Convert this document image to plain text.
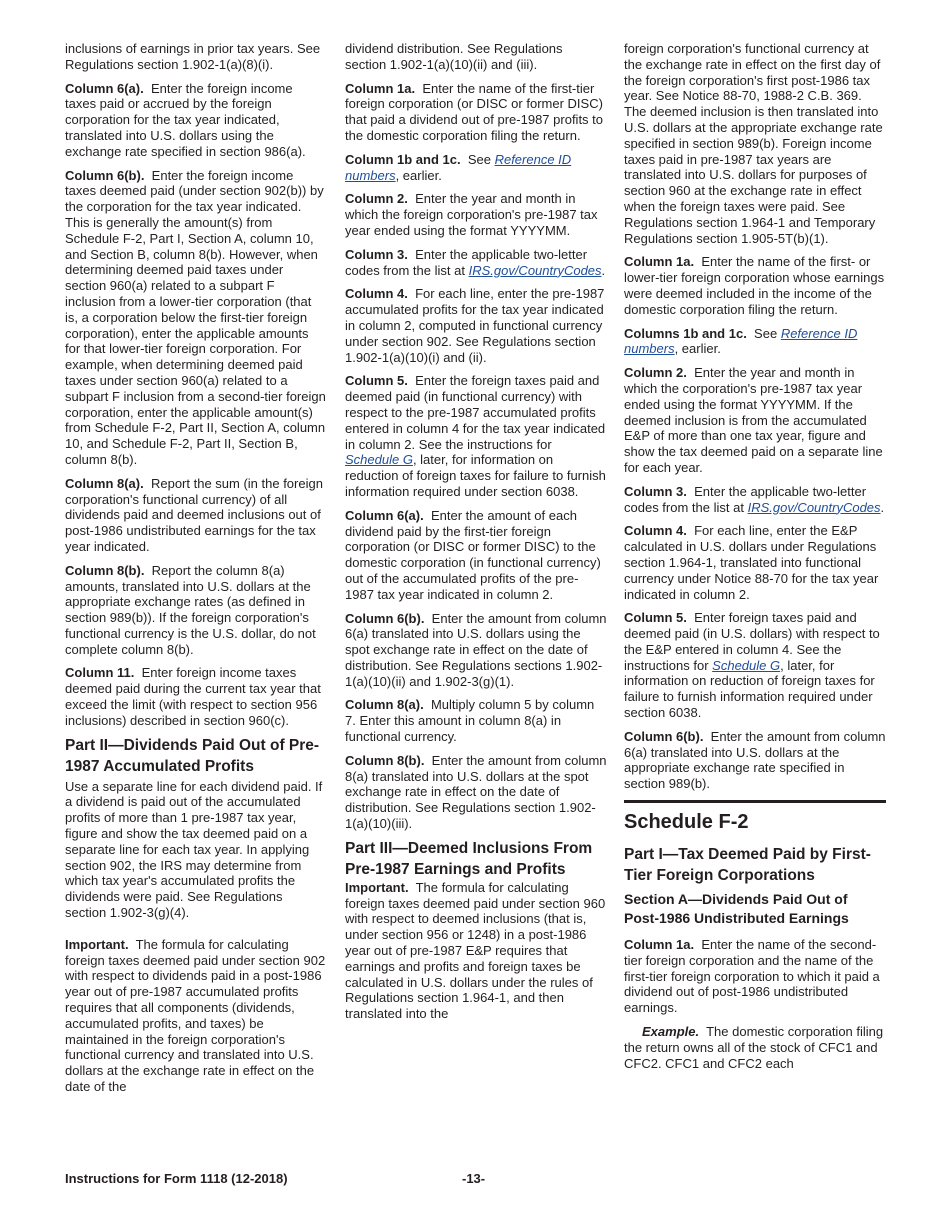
inclusions of earnings in prior tax years. See Regulations section 1.902-1(a)(8)(i).

Column 6(a). Enter the foreign income taxes paid or accrued by the foreign corporation for the tax year indicated, translated into U.S. dollars using the exchange rate specified in section 986(a).

Column 6(b). Enter the foreign income taxes deemed paid (under section 902(b)) by the corporation for the tax year indicated. This is generally the amount(s) from Schedule F-2, Part I, Section A, column 10, and Section B, column 8(b). However, when determining deemed paid taxes under section 960(a) related to a subpart F inclusion from a lower-tier corporation (that is, a corporation below the first-tier foreign corporation), enter the applicable amounts for that lower-tier foreign corporation. For example, when determining deemed paid taxes under section 960(a) related to a subpart F inclusion from a second-tier foreign corporation, enter the applicable amount(s) from Schedule F-2, Part II, Section A, column 10, and Schedule F-2, Part II, Section B, column 8(b).

Column 8(a). Report the sum (in the foreign corporation's functional currency) of all dividends paid and deemed inclusions out of post-1986 undistributed earnings for the tax year indicated.

Column 8(b). Report the column 8(a) amounts, translated into U.S. dollars at the appropriate exchange rates (as defined in section 989(b)). If the foreign corporation's functional currency is the U.S. dollar, do not complete column 8(b).

Column 11. Enter foreign income taxes deemed paid during the current tax year that exceed the limit (with respect to section 956 inclusions) described in section 960(c).

Part II—Dividends Paid Out of Pre-1987 Accumulated Profits

Use a separate line for each dividend paid. If a dividend is paid out of the accumulated profits of more than 1 pre-1987 tax year, figure and show the tax deemed paid on a separate line for each tax year. In applying section 902, the IRS may determine from which tax year's accumulated profits the dividends were paid. See Regulations section 1.902-3(g)(4).

Important. The formula for calculating foreign taxes deemed paid under section 902 with respect to dividends paid in a post-1986 year out of pre-1987 accumulated profits requires that all components (dividends, accumulated profits, and taxes) be maintained in the foreign corporation's functional currency and translated into U.S. dollars at the exchange rate in effect on the date of the

dividend distribution. See Regulations section 1.902-1(a)(10)(ii) and (iii).

Column 1a. Enter the name of the first-tier foreign corporation (or DISC or former DISC) that paid a dividend out of pre-1987 profits to the domestic corporation filing the return.

Column 1b and 1c. See Reference ID numbers, earlier.

Column 2. Enter the year and month in which the foreign corporation's pre-1987 tax year ended using the format YYYYMM.

Column 3. Enter the applicable two-letter codes from the list at IRS.gov/CountryCodes.

Column 4. For each line, enter the pre-1987 accumulated profits for the tax year indicated in column 2, computed in functional currency under section 902. See Regulations section 1.902-1(a)(10)(i) and (ii).

Column 5. Enter the foreign taxes paid and deemed paid (in functional currency) with respect to the pre-1987 accumulated profits entered in column 4 for the tax year indicated in column 2. See the instructions for Schedule G, later, for information on reduction of foreign taxes for failure to furnish information required under section 6038.

Column 6(a). Enter the amount of each dividend paid by the first-tier foreign corporation (or DISC or former DISC) to the domestic corporation (in functional currency) out of the accumulated profits of the pre-1987 tax year indicated in column 2.

Column 6(b). Enter the amount from column 6(a) translated into U.S. dollars using the spot exchange rate in effect on the date of distribution. See Regulations sections 1.902-1(a)(10)(ii) and 1.902-3(g)(1).

Column 8(a). Multiply column 5 by column 7. Enter this amount in column 8(a) in functional currency.

Column 8(b). Enter the amount from column 8(a) translated into U.S. dollars at the spot exchange rate in effect on the date of distribution. See Regulations section 1.902-1(a)(10)(iii).

Part III—Deemed Inclusions From Pre-1987 Earnings and Profits

Important. The formula for calculating foreign taxes deemed paid under section 960 with respect to deemed inclusions (that is, under section 956 or 1248) in a post-1986 year out of pre-1987 E&P requires that earnings and profits and foreign taxes be calculated in U.S. dollars under the rules of Regulations section 1.964-1, and then translated into the

foreign corporation's functional currency at the exchange rate in effect on the first day of the foreign corporation's first post-1986 tax year. See Notice 88-70, 1988-2 C.B. 369. The deemed inclusion is then translated into U.S. dollars at the appropriate exchange rate specified in section 989(b). Foreign income taxes paid in pre-1987 tax years are translated into U.S. dollars for purposes of section 960 at the exchange rate in effect when the foreign taxes were paid. See Regulations section 1.964-1 and Temporary Regulations section 1.905-5T(b)(1).

Column 1a. Enter the name of the first- or lower-tier foreign corporation whose earnings were deemed included in the income of the domestic corporation filing the return.

Columns 1b and 1c. See Reference ID numbers, earlier.

Column 2. Enter the year and month in which the corporation's pre-1987 tax year ended using the format YYYYMM. If the deemed inclusion is from the accumulated E&P of more than one tax year, figure and show the tax deemed paid on a separate line for each year.

Column 3. Enter the applicable two-letter codes from the list at IRS.gov/CountryCodes.

Column 4. For each line, enter the E&P calculated in U.S. dollars under Regulations section 1.964-1, translated into functional currency under Notice 88-70 for the tax year indicated in column 2.

Column 5. Enter foreign taxes paid and deemed paid (in U.S. dollars) with respect to the E&P entered in column 4. See the instructions for Schedule G, later, for information on reduction of foreign taxes for failure to furnish information required under section 6038.

Column 6(b). Enter the amount from column 6(a) translated into U.S. dollars at the appropriate exchange rate specified in section 989(b).

Schedule F-2
Part I—Tax Deemed Paid by First-Tier Foreign Corporations
Section A—Dividends Paid Out of Post-1986 Undistributed Earnings

Column 1a. Enter the name of the second-tier foreign corporation and the name of the first-tier foreign corporation to which it paid a dividend out of post-1986 undistributed earnings.

Example. The domestic corporation filing the return owns all of the stock of CFC1 and CFC2. CFC1 and CFC2 each

Instructions for Form 1118 (12-2018)	-13-
